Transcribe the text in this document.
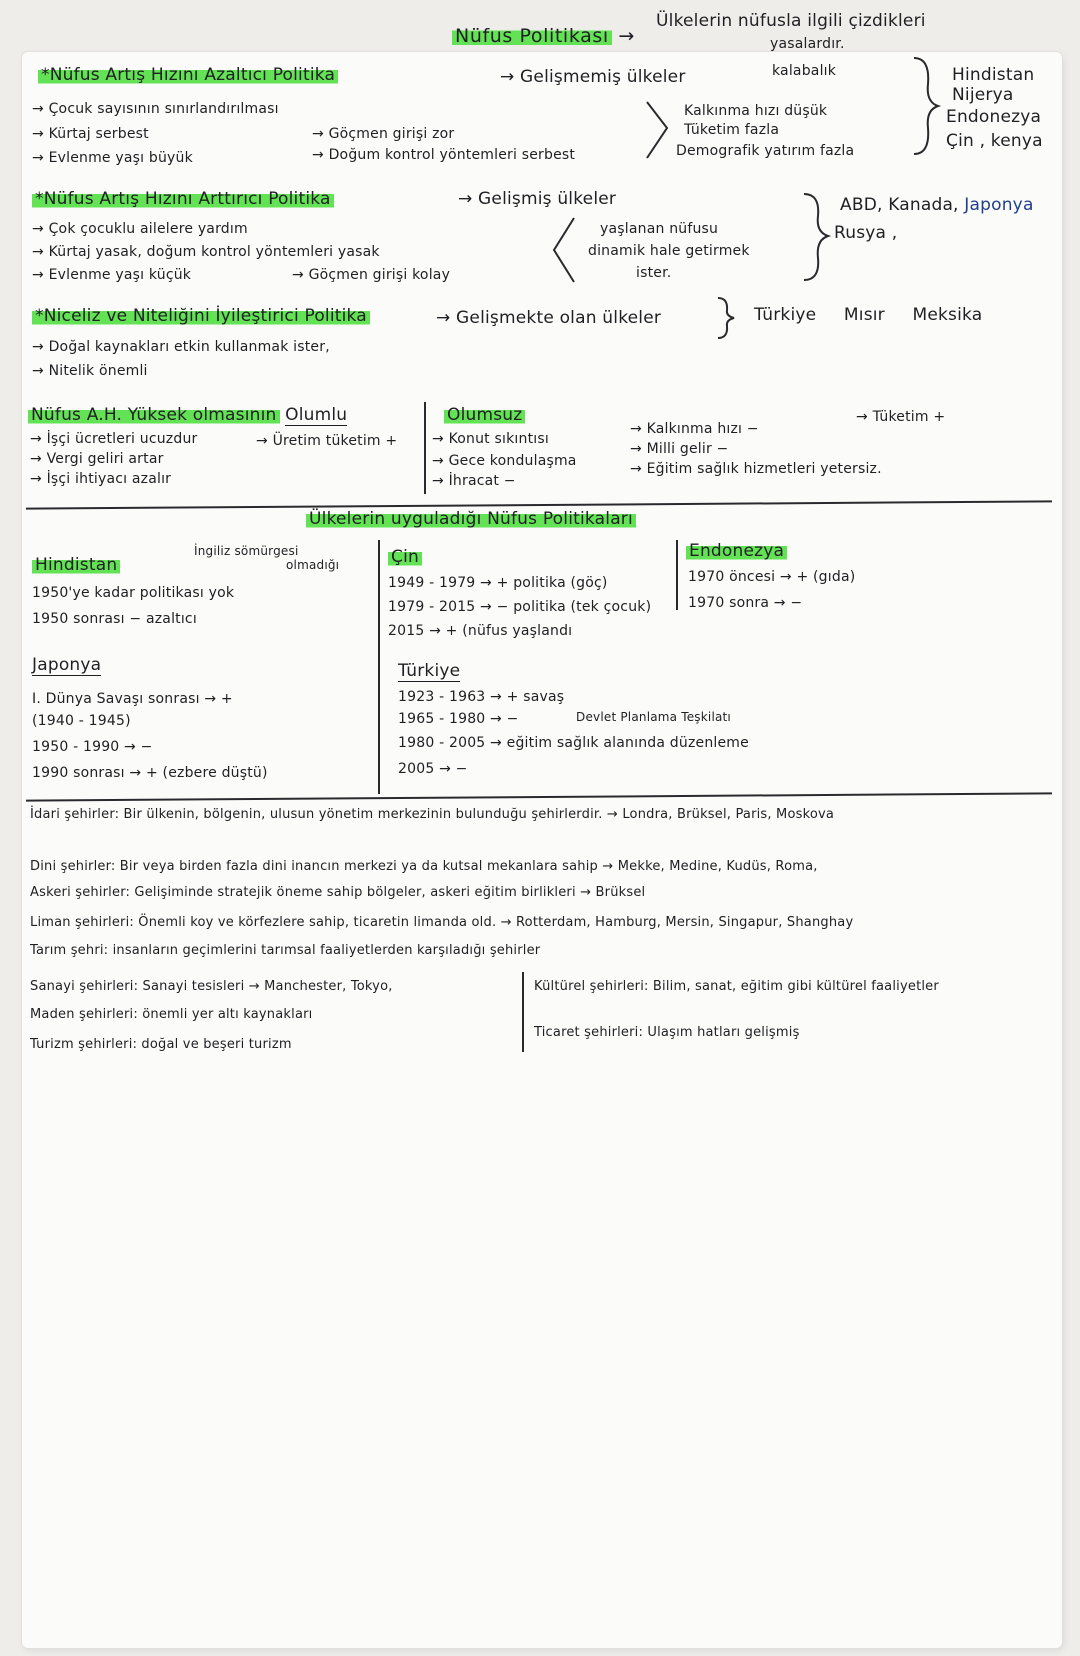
Nüfus Politikası →
Ülkelerin nüfusla ilgili çizdikleri
yasalardır.
*Nüfus Artış Hızını Azaltıcı Politika	→ Gelişmemiş ülkeler	kalabalık
→ Çocuk sayısının sınırlandırılması
→ Kürtaj serbest
→ Evlenme yaşı büyük
→ Göçmen girişi zor
→ Doğum kontrol yöntemleri serbest
Kalkınma hızı düşük
Tüketim fazla
Demografik yatırım fazla
Hindistan
Nijerya
Endonezya
Çin , kenya
*Nüfus Artış Hızını Arttırıcı Politika	→ Gelişmiş ülkeler
→ Çok çocuklu ailelere yardım
→ Kürtaj yasak, doğum kontrol yöntemleri yasak
→ Evlenme yaşı küçük	→ Göçmen girişi kolay
yaşlanan nüfusu
dinamik hale getirmek
ister.
ABD, Kanada, Japonya
Rusya ,
*Niceliz ve Niteliğini İyileştirici Politika	→ Gelişmekte olan ülkeler	Türkiye Mısır Meksika
→ Doğal kaynakları etkin kullanmak ister,
→ Nitelik önemli
Nüfus A.H. Yüksek olmasının Olumlu	Olumsuz
→ İşçi ücretleri ucuzdur
→ Vergi geliri artar
→ İşçi ihtiyacı azalır
→ Üretim tüketim + → Konut sıkıntısı
→ Gece kondulaşma
→ İhracat −
→ Kalkınma hızı −
→ Milli gelir −
→ Eğitim sağlık hizmetleri yetersiz.
→ Tüketim +
Ülkelerin uyguladığı Nüfus Politikaları
Hindistan
İngiliz sömürgesi
olmadığı
1950'ye kadar politikası yok
1950 sonrası − azaltıcı
Japonya
I. Dünya Savaşı sonrası → +
(1940 - 1945)
1950 - 1990 → −
1990 sonrası → + (ezbere düştü)
Çin
1949 - 1979 → + politika (göç)
1979 - 2015 → − politika (tek çocuk)
2015 → + (nüfus yaşlandı
Endonezya
1970 öncesi → + (gıda)
1970 sonra → −
Türkiye
1923 - 1963 → + savaş
1965 - 1980 → −	Devlet Planlama Teşkilatı
1980 - 2005 → eğitim sağlık alanında düzenleme
2005 → −
İdari şehirler: Bir ülkenin, bölgenin, ulusun yönetim merkezinin bulunduğu şehirlerdir. → Londra, Brüksel, Paris, Moskova
Dini şehirler: Bir veya birden fazla dini inancın merkezi ya da kutsal mekanlara sahip → Mekke, Medine, Kudüs, Roma,
Askeri şehirler: Gelişiminde stratejik öneme sahip bölgeler, askeri eğitim birlikleri → Brüksel
Liman şehirleri: Önemli koy ve körfezlere sahip, ticaretin limanda old. → Rotterdam, Hamburg, Mersin, Singapur, Shanghay
Tarım şehri: insanların geçimlerini tarımsal faaliyetlerden karşıladığı şehirler
Sanayi şehirleri: Sanayi tesisleri → Manchester, Tokyo,
Maden şehirleri: önemli yer altı kaynakları
Turizm şehirleri: doğal ve beşeri turizm
Kültürel şehirleri: Bilim, sanat, eğitim gibi kültürel faaliyetler
Ticaret şehirleri: Ulaşım hatları gelişmiş
